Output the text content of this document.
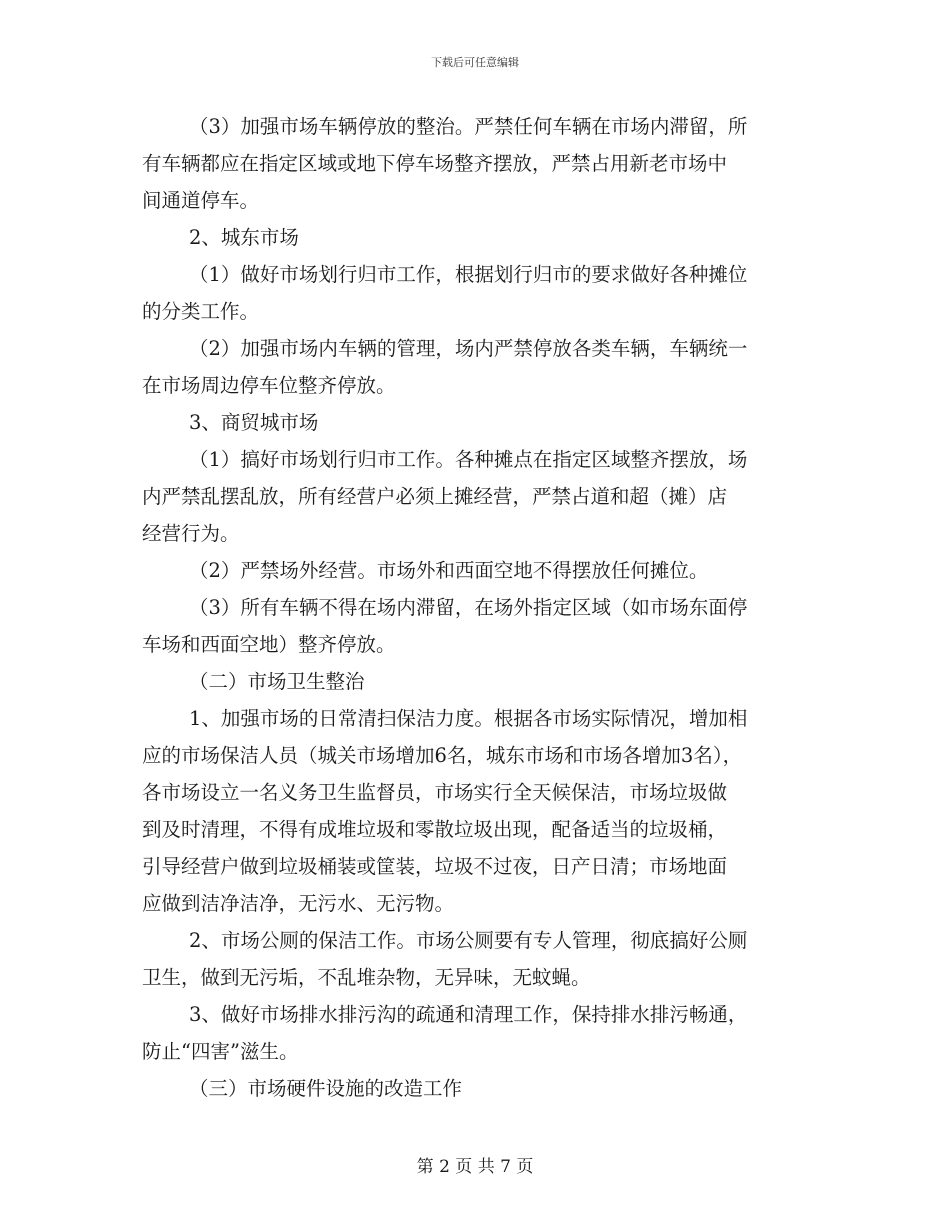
下载后可任意编辑
（3）加强市场车辆停放的整治。严禁任何车辆在市场内滞留，所
有车辆都应在指定区域或地下停车场整齐摆放，严禁占用新老市场中
间通道停车。
2、城东市场
（1）做好市场划行归市工作，根据划行归市的要求做好各种摊位
的分类工作。
（2）加强市场内车辆的管理，场内严禁停放各类车辆，车辆统一
在市场周边停车位整齐停放。
3、商贸城市场
（1）搞好市场划行归市工作。各种摊点在指定区域整齐摆放，场
内严禁乱摆乱放，所有经营户必须上摊经营，严禁占道和超（摊）店
经营行为。
（2）严禁场外经营。市场外和西面空地不得摆放任何摊位。
（3）所有车辆不得在场内滞留，在场外指定区域（如市场东面停
车场和西面空地）整齐停放。
（二）市场卫生整治
1、加强市场的日常清扫保洁力度。根据各市场实际情况，增加相
应的市场保洁人员（城关市场增加6名，城东市场和市场各增加3名），
各市场设立一名义务卫生监督员，市场实行全天候保洁，市场垃圾做
到及时清理，不得有成堆垃圾和零散垃圾出现，配备适当的垃圾桶，
引导经营户做到垃圾桶装或筐装，垃圾不过夜，日产日清；市场地面
应做到洁净洁净，无污水、无污物。
2、市场公厕的保洁工作。市场公厕要有专人管理，彻底搞好公厕
卫生，做到无污垢，不乱堆杂物，无异味，无蚊蝇。
3、做好市场排水排污沟的疏通和清理工作，保持排水排污畅通，
防止“四害”滋生。
（三）市场硬件设施的改造工作
第 2 页 共 7 页
